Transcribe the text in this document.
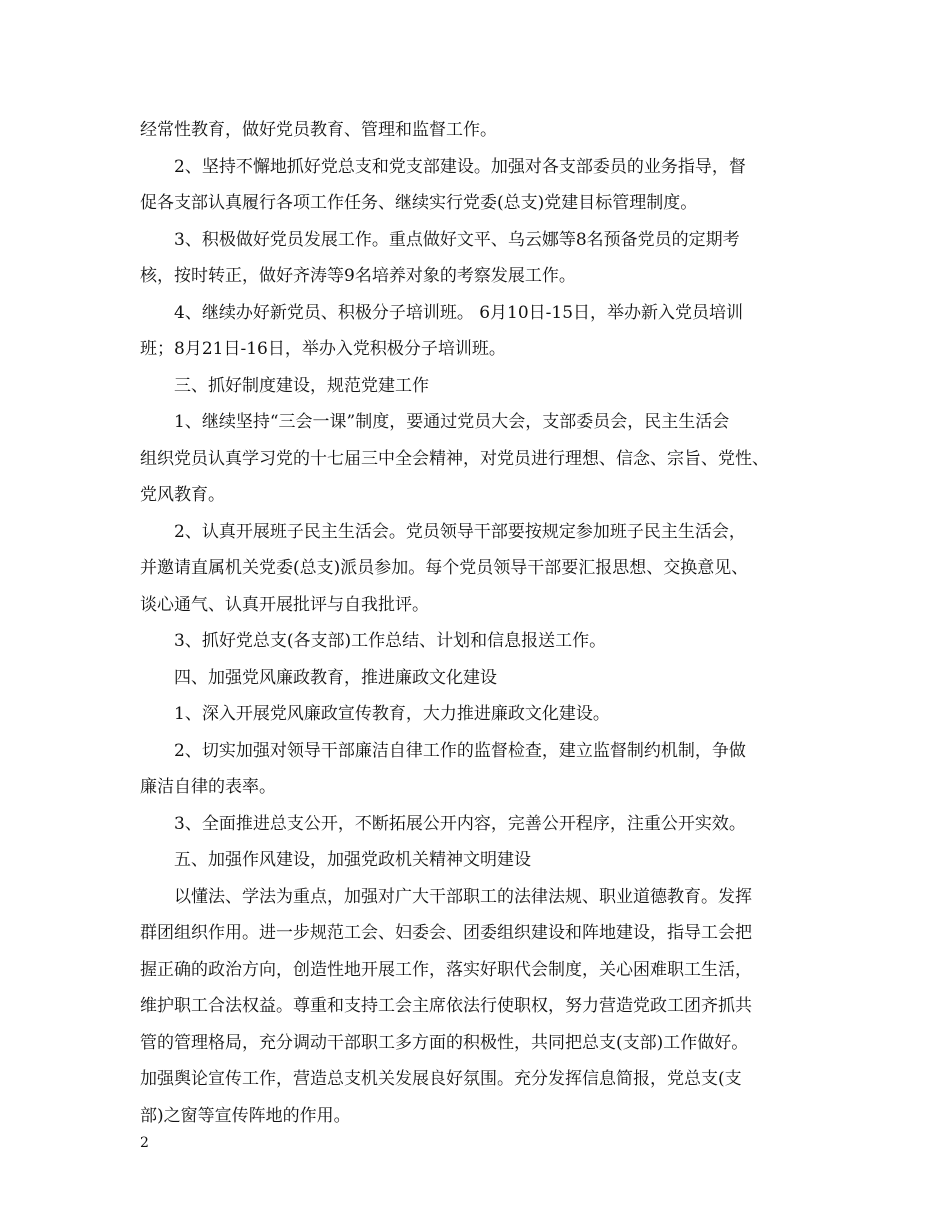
经常性教育，做好党员教育、管理和监督工作。
2、坚持不懈地抓好党总支和党支部建设。加强对各支部委员的业务指导，督
促各支部认真履行各项工作任务、继续实行党委(总支)党建目标管理制度。
3、积极做好党员发展工作。重点做好文平、乌云娜等8名预备党员的定期考
核，按时转正，做好齐涛等9名培养对象的考察发展工作。
4、继续办好新党员、积极分子培训班。 6月10日-15日，举办新入党员培训
班；8月21日-16日，举办入党积极分子培训班。
三、抓好制度建设，规范党建工作
1、继续坚持“三会一课”制度，要通过党员大会，支部委员会，民主生活会
组织党员认真学习党的十七届三中全会精神，对党员进行理想、信念、宗旨、党性、
党风教育。
2、认真开展班子民主生活会。党员领导干部要按规定参加班子民主生活会，
并邀请直属机关党委(总支)派员参加。每个党员领导干部要汇报思想、交换意见、
谈心通气、认真开展批评与自我批评。
3、抓好党总支(各支部)工作总结、计划和信息报送工作。
四、加强党风廉政教育，推进廉政文化建设
1、深入开展党风廉政宣传教育，大力推进廉政文化建设。
2、切实加强对领导干部廉洁自律工作的监督检查，建立监督制约机制，争做
廉洁自律的表率。
3、全面推进总支公开，不断拓展公开内容，完善公开程序，注重公开实效。
五、加强作风建设，加强党政机关精神文明建设
以懂法、学法为重点，加强对广大干部职工的法律法规、职业道德教育。发挥
群团组织作用。进一步规范工会、妇委会、团委组织建设和阵地建设，指导工会把
握正确的政治方向，创造性地开展工作，落实好职代会制度，关心困难职工生活，
维护职工合法权益。尊重和支持工会主席依法行使职权，努力营造党政工团齐抓共
管的管理格局，充分调动干部职工多方面的积极性，共同把总支(支部)工作做好。
加强舆论宣传工作，营造总支机关发展良好氛围。充分发挥信息简报，党总支(支
部)之窗等宣传阵地的作用。
2
